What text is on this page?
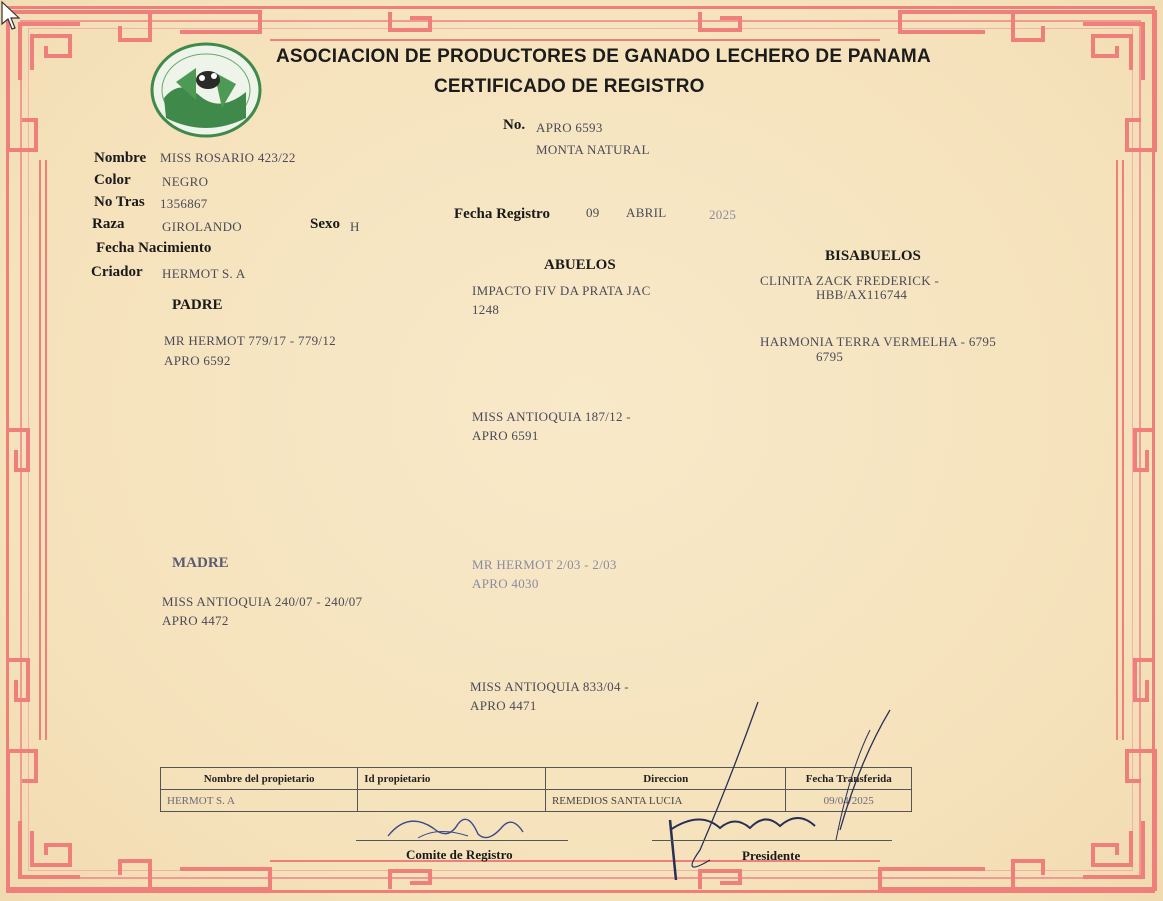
ASOCIACION DE PRODUCTORES DE GANADO LECHERO DE PANAMA
CERTIFICADO DE REGISTRO
No. APRO 6593
MONTA NATURAL
Nombre MISS ROSARIO 423/22
Color NEGRO
No Tras 1356867
Raza	GIROLANDO	Sexo H
Fecha Nacimiento
Criador HERMOT S. A
Fecha Registro	09 ABRIL	2025
ABUELOS
BISABUELOS
PADRE
MADRE
MR HERMOT 779/17 - 779/12
APRO 6592
MISS ANTIOQUIA 240/07 - 240/07
APRO 4472
IMPACTO FIV DA PRATA JAC
1248
MISS ANTIOQUIA 187/12 -
APRO 6591
MR HERMOT 2/03 - 2/03
APRO 4030
MISS ANTIOQUIA 833/04 -
APRO 4471
CLINITA ZACK FREDERICK -
HBB/AX116744
HARMONIA TERRA VERMELHA - 6795
6795
Nombre del propietario	Id propietario	Direccion	Fecha Transferida
HERMOT S. A		REMEDIOS SANTA LUCIA	09/04/2025
Comite de Registro	Presidente
